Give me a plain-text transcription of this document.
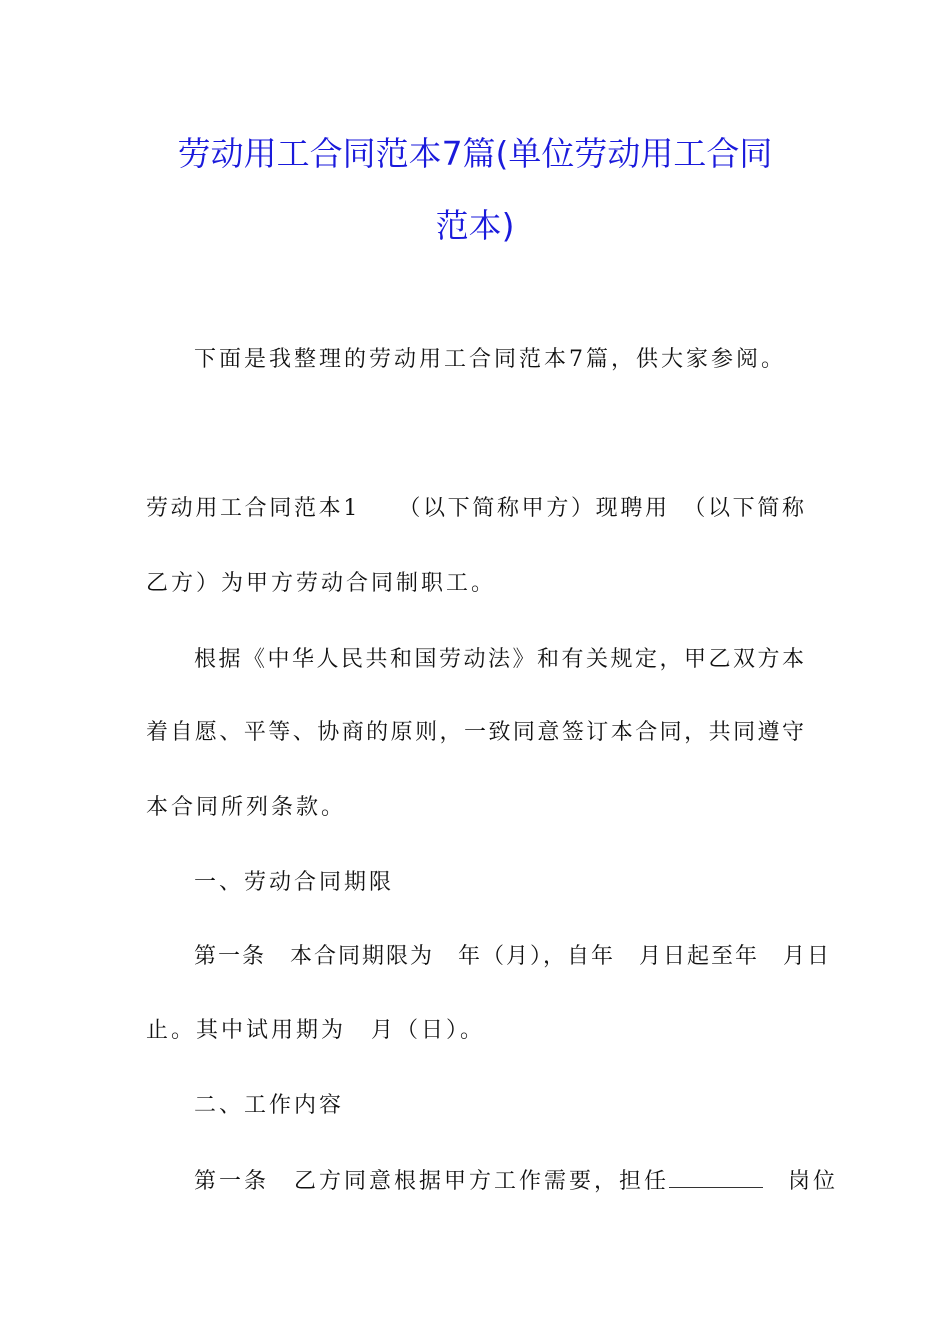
劳动用工合同范本7篇(单位劳动用工合同
范本)
下面是我整理的劳动用工合同范本7篇，供大家参阅。
劳动用工合同范本1　　（以下简称甲方）现聘用　（以下简称
乙方）为甲方劳动合同制职工。
根据《中华人民共和国劳动法》和有关规定，甲乙双方本
着自愿、平等、协商的原则，一致同意签订本合同，共同遵守
本合同所列条款。
一、劳动合同期限
第一条　本合同期限为　年（月），自年　月日起至年　月日
止。其中试用期为　月（日）。
二、工作内容
第一条　乙方同意根据甲方工作需要，担任　	岗位
